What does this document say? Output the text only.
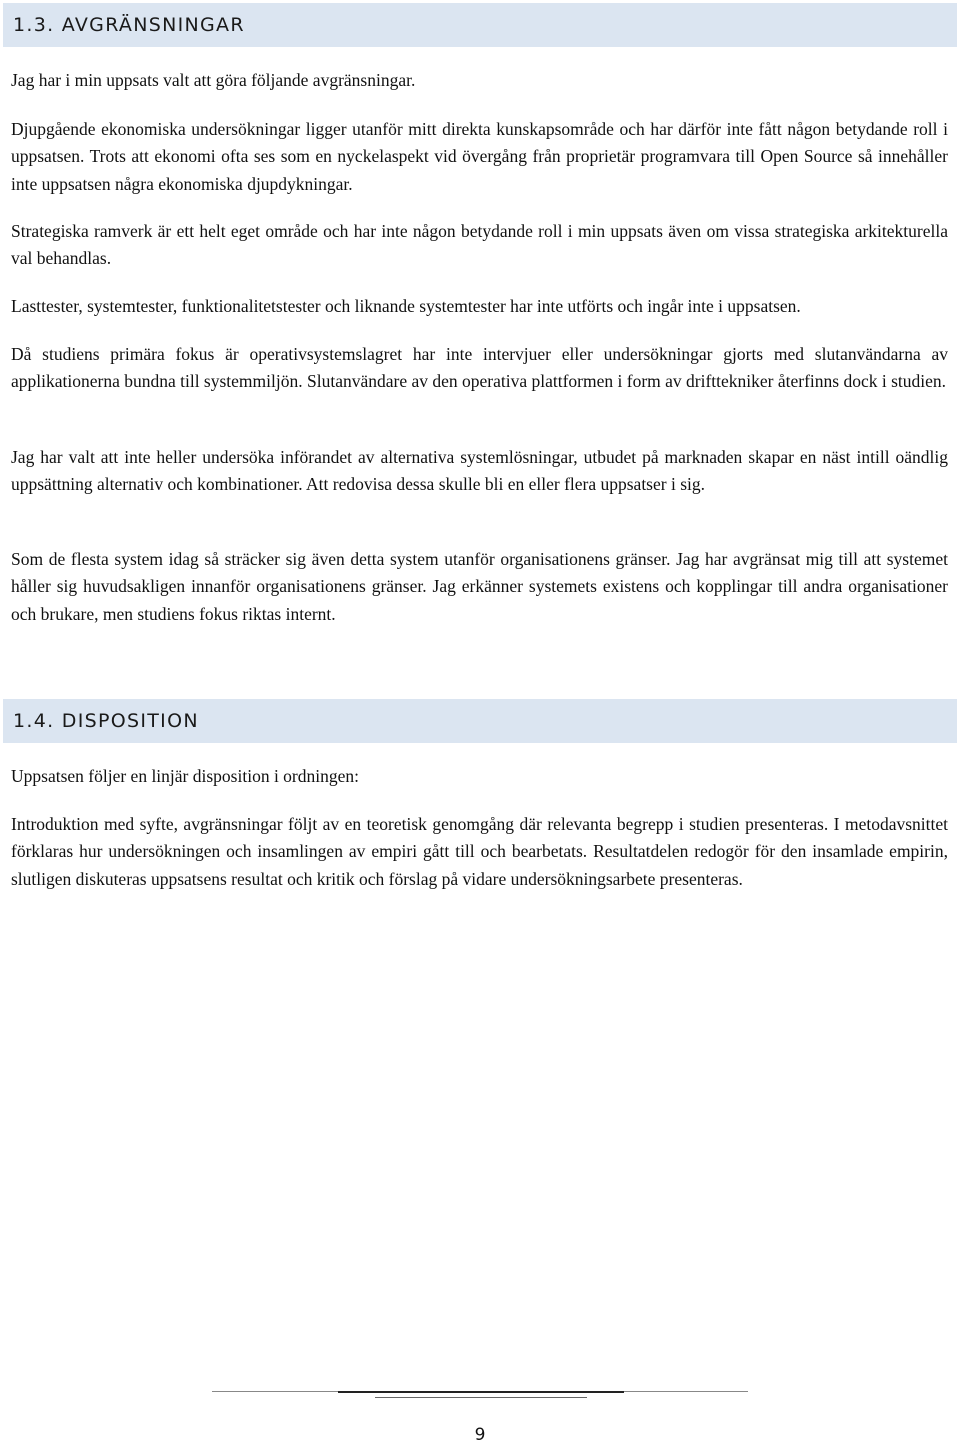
1.3. AVGRÄNSNINGAR

Jag har i min uppsats valt att göra följande avgränsningar.

Djupgående ekonomiska undersökningar ligger utanför mitt direkta kunskapsområde och har därför inte fått någon betydande roll i uppsatsen. Trots att ekonomi ofta ses som en nyckelaspekt vid övergång från proprietär programvara till Open Source så innehåller inte uppsatsen några ekonomiska djupdykningar.

Strategiska ramverk är ett helt eget område och har inte någon betydande roll i min uppsats även om vissa strategiska arkitekturella val behandlas.

Lasttester, systemtester, funktionalitetstester och liknande systemtester har inte utförts och ingår inte i uppsatsen.

Då studiens primära fokus är operativsystemslagret har inte intervjuer eller undersökningar gjorts med slutanvändarna av applikationerna bundna till systemmiljön. Slutanvändare av den operativa plattformen i form av drifttekniker återfinns dock i studien.

Jag har valt att inte heller undersöka införandet av alternativa systemlösningar, utbudet på marknaden skapar en näst intill oändlig uppsättning alternativ och kombinationer. Att redovisa dessa skulle bli en eller flera uppsatser i sig.

Som de flesta system idag så sträcker sig även detta system utanför organisationens gränser. Jag har avgränsat mig till att systemet håller sig huvudsakligen innanför organisationens gränser. Jag erkänner systemets existens och kopplingar till andra organisationer och brukare, men studiens fokus riktas internt.

1.4. DISPOSITION

Uppsatsen följer en linjär disposition i ordningen:

Introduktion med syfte, avgränsningar följt av en teoretisk genomgång där relevanta begrepp i studien presenteras. I metodavsnittet förklaras hur undersökningen och insamlingen av empiri gått till och bearbetats. Resultatdelen redogör för den insamlade empirin, slutligen diskuteras uppsatsens resultat och kritik och förslag på vidare undersökningsarbete presenteras.

9
